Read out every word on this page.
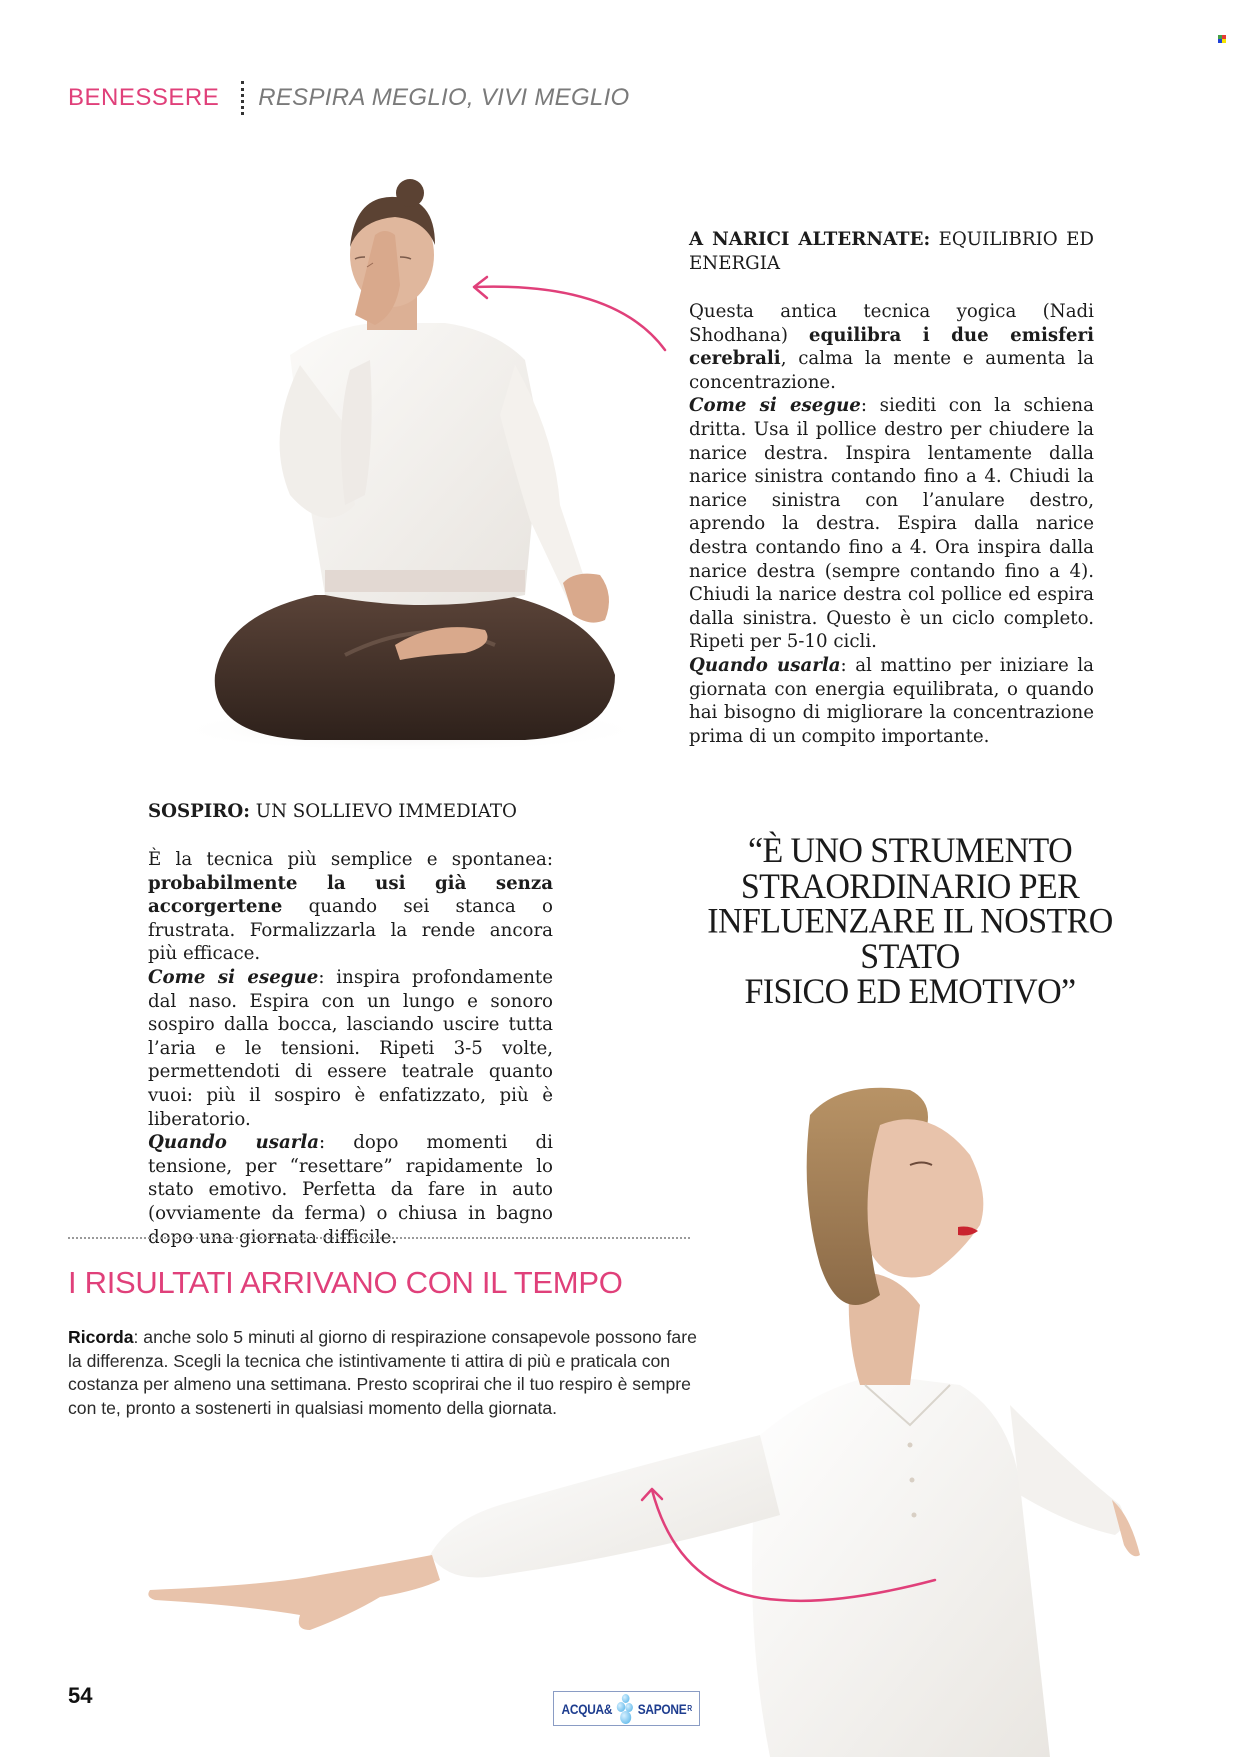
BENESSERE RESPIRA MEGLIO, VIVI MEGLIO
A NARICI ALTERNATE: EQUILIBRIO ED ENERGIA

Questa antica tecnica yogica (Nadi Shodhana) equilibra i due emisferi cerebrali, calma la mente e aumenta la concentrazione.
Come si esegue: siediti con la schiena dritta. Usa il pollice destro per chiudere la narice destra. Inspira lentamente dalla narice sinistra contando fino a 4. Chiudi la narice sinistra con l’anulare destro, aprendo la destra. Espira dalla narice destra contando fino a 4. Ora inspira dalla narice destra (sempre contando fino a 4). Chiudi la narice destra col pollice ed espira dalla sinistra. Questo è un ciclo completo. Ripeti per 5-10 cicli.
Quando usarla: al mattino per iniziare la giornata con energia equilibrata, o quando hai bisogno di migliorare la concentrazione prima di un compito importante.

SOSPIRO: UN SOLLIEVO IMMEDIATO

È la tecnica più semplice e spontanea: probabilmente la usi già senza accorgertene quando sei stanca o frustrata. Formalizzarla la rende ancora più efficace.
Come si esegue: inspira profondamente dal naso. Espira con un lungo e sonoro sospiro dalla bocca, lasciando uscire tutta l’aria e le tensioni. Ripeti 3-5 volte, permettendoti di essere teatrale quanto vuoi: più il sospiro è enfatizzato, più è liberatorio.
Quando usarla: dopo momenti di tensione, per “resettare” rapidamente lo stato emotivo. Perfetta da fare in auto (ovviamente da ferma) o chiusa in bagno dopo una giornata difficile.

“È UNO STRUMENTO
STRAORDINARIO PER
INFLUENZARE IL NOSTRO STATO
FISICO ED EMOTIVO”
I RISULTATI ARRIVANO CON IL TEMPO
Ricorda: anche solo 5 minuti al giorno di respirazione consapevole possono fare la differenza. Scegli la tecnica che istintivamente ti attira di più e praticala con costanza per almeno una settimana. Presto scoprirai che il tuo respiro è sempre con te, pronto a sostenerti in qualsiasi momento della giornata.
54
ACQUA& SAPONE R
